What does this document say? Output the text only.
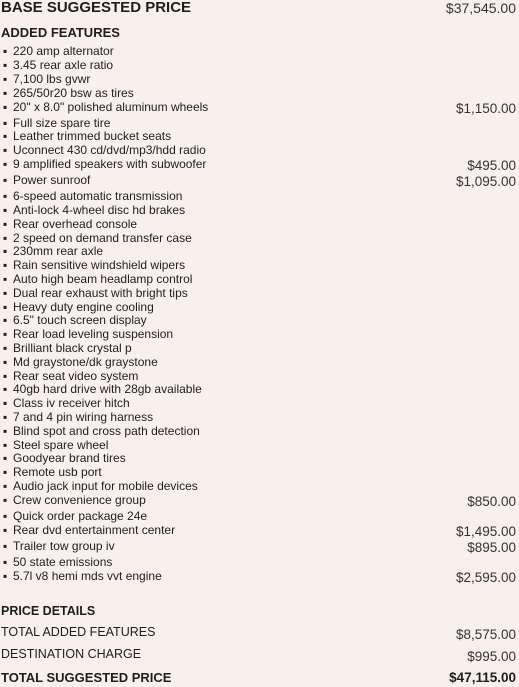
BASE SUGGESTED PRICE	$37,545.00
ADDED FEATURES
▪ 220 amp alternator
▪ 3.45 rear axle ratio
▪ 7,100 lbs gvwr
▪ 265/50r20 bsw as tires
▪ 20" x 8.0" polished aluminum wheels	$1,150.00
▪ Full size spare tire
▪ Leather trimmed bucket seats
▪ Uconnect 430 cd/dvd/mp3/hdd radio
▪ 9 amplified speakers with subwoofer	$495.00
▪ Power sunroof	$1,095.00
▪ 6-speed automatic transmission
▪ Anti-lock 4-wheel disc hd brakes
▪ Rear overhead console
▪ 2 speed on demand transfer case
▪ 230mm rear axle
▪ Rain sensitive windshield wipers
▪ Auto high beam headlamp control
▪ Dual rear exhaust with bright tips
▪ Heavy duty engine cooling
▪ 6.5" touch screen display
▪ Rear load leveling suspension
▪ Brilliant black crystal p
▪ Md graystone/dk graystone
▪ Rear seat video system
▪ 40gb hard drive with 28gb available
▪ Class iv receiver hitch
▪ 7 and 4 pin wiring harness
▪ Blind spot and cross path detection
▪ Steel spare wheel
▪ Goodyear brand tires
▪ Remote usb port
▪ Audio jack input for mobile devices
▪ Crew convenience group	$850.00
▪ Quick order package 24e
▪ Rear dvd entertainment center	$1,495.00
▪ Trailer tow group iv	$895.00
▪ 50 state emissions
▪ 5.7l v8 hemi mds vvt engine	$2,595.00
PRICE DETAILS
TOTAL ADDED FEATURES	$8,575.00
DESTINATION CHARGE	$995.00
TOTAL SUGGESTED PRICE	$47,115.00
